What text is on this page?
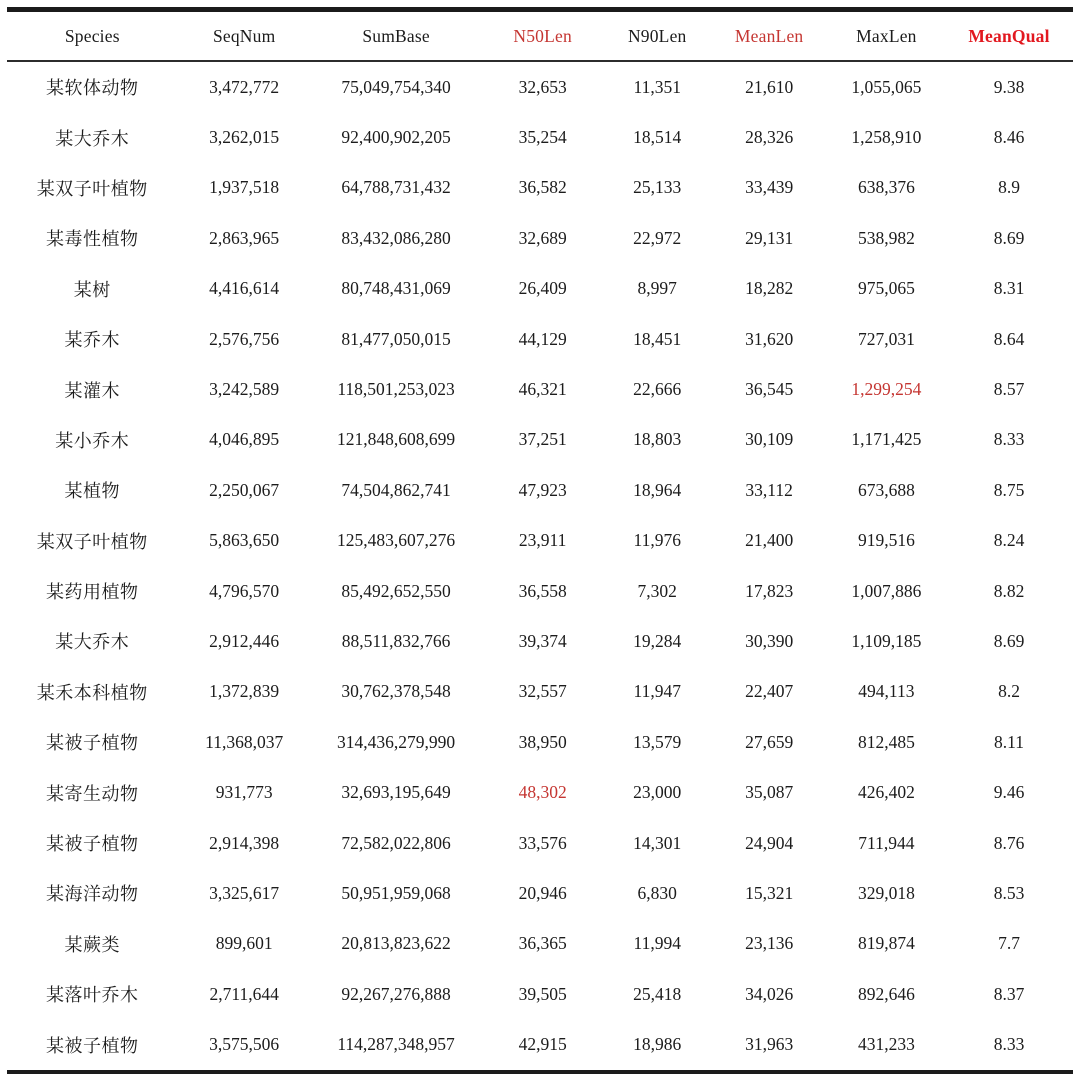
Species	SeqNum	SumBase	N50Len	N90Len	MeanLen	MaxLen	MeanQual
某软体动物	3,472,772	75,049,754,340	32,653	11,351	21,610	1,055,065	9.38
某大乔木	3,262,015	92,400,902,205	35,254	18,514	28,326	1,258,910	8.46
某双子叶植物	1,937,518	64,788,731,432	36,582	25,133	33,439	638,376	8.9
某毒性植物	2,863,965	83,432,086,280	32,689	22,972	29,131	538,982	8.69
某树	4,416,614	80,748,431,069	26,409	8,997	18,282	975,065	8.31
某乔木	2,576,756	81,477,050,015	44,129	18,451	31,620	727,031	8.64
某灌木	3,242,589	118,501,253,023	46,321	22,666	36,545	1,299,254	8.57
某小乔木	4,046,895	121,848,608,699	37,251	18,803	30,109	1,171,425	8.33
某植物	2,250,067	74,504,862,741	47,923	18,964	33,112	673,688	8.75
某双子叶植物	5,863,650	125,483,607,276	23,911	11,976	21,400	919,516	8.24
某药用植物	4,796,570	85,492,652,550	36,558	7,302	17,823	1,007,886	8.82
某大乔木	2,912,446	88,511,832,766	39,374	19,284	30,390	1,109,185	8.69
某禾本科植物	1,372,839	30,762,378,548	32,557	11,947	22,407	494,113	8.2
某被子植物	11,368,037	314,436,279,990	38,950	13,579	27,659	812,485	8.11
某寄生动物	931,773	32,693,195,649	48,302	23,000	35,087	426,402	9.46
某被子植物	2,914,398	72,582,022,806	33,576	14,301	24,904	711,944	8.76
某海洋动物	3,325,617	50,951,959,068	20,946	6,830	15,321	329,018	8.53
某蕨类	899,601	20,813,823,622	36,365	11,994	23,136	819,874	7.7
某落叶乔木	2,711,644	92,267,276,888	39,505	25,418	34,026	892,646	8.37
某被子植物	3,575,506	114,287,348,957	42,915	18,986	31,963	431,233	8.33
